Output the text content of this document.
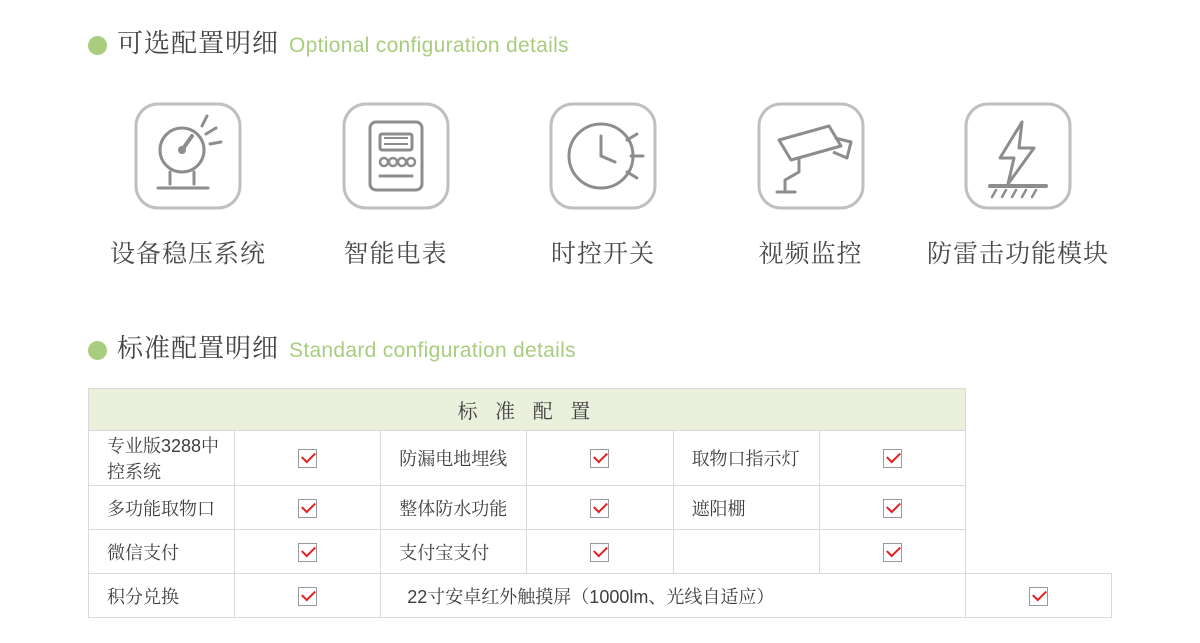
可选配置明细 Optional configuration details
设备稳压系统	智能电表	时控开关	视频监控	防雷击功能模块
标准配置明细 Standard configuration details
标 准 配 置						
专业版3288中控系统		防漏电地埋线		取物口指示灯		
多功能取物口		整体防水功能		遮阳棚		
微信支付		支付宝支付				
积分兑换		22寸安卓红外触摸屏（1000lm、光线自适应）				
